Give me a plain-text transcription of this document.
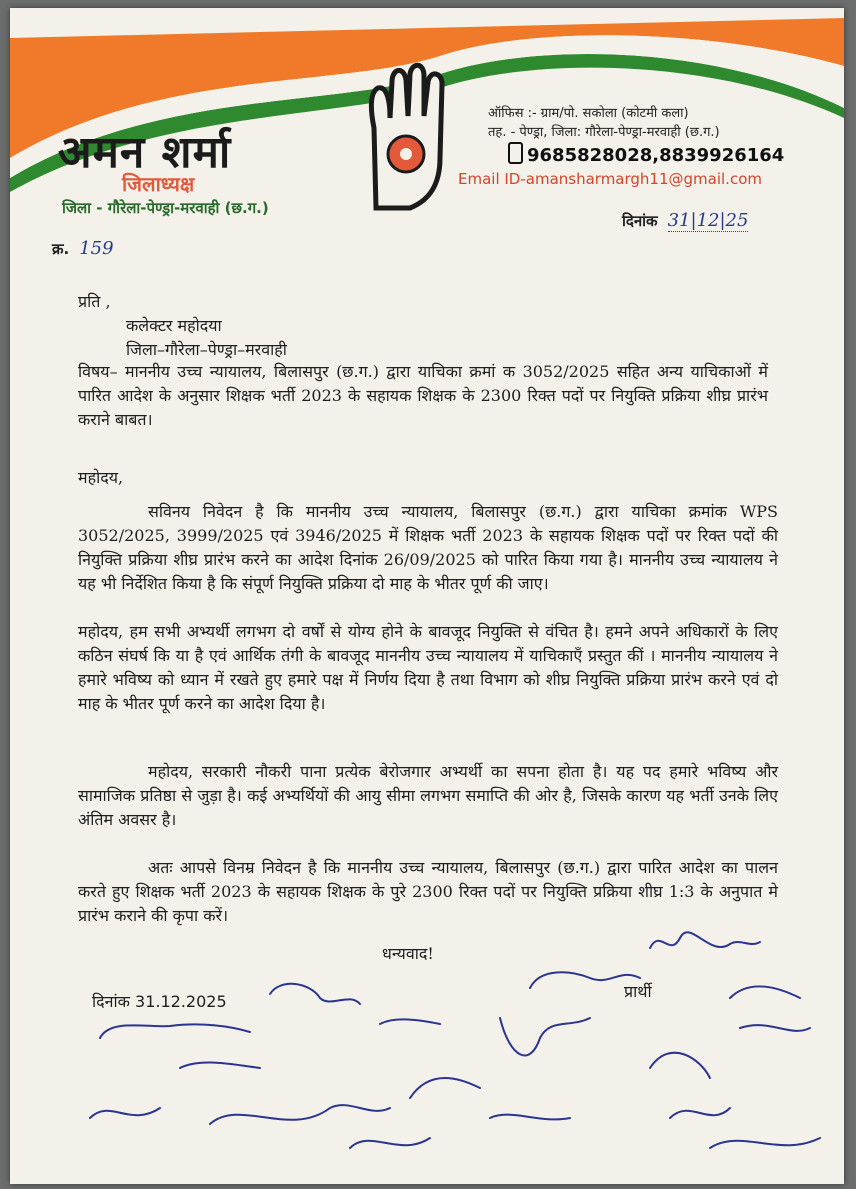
अमन शर्मा
जिलाध्यक्ष
जिला - गौरेला-पेण्ड्रा-मरवाही (छ.ग.)
ऑफिस :- ग्राम/पो. सकोला (कोटमी कला)
तह. - पेण्ड्रा, जिला: गौरेला-पेण्ड्रा-मरवाही (छ.ग.)
9685828028,8839926164
Email ID-amansharmargh11@gmail.com
दिनांक 31|12|25
क्र. 159
प्रति ,
कलेक्टर महोदया
जिला–गौरेला–पेण्ड्रा–मरवाही
विषय– माननीय उच्च न्यायालय, बिलासपुर (छ.ग.) द्वारा याचिका क्रमां क 3052/2025 सहित अन्य याचिकाओं में पारित आदेश के अनुसार शिक्षक भर्ती 2023 के सहायक शिक्षक के 2300 रिक्त पदों पर नियुक्ति प्रक्रिया शीघ्र प्रारंभ कराने बाबत।
महोदय,
सविनय निवेदन है कि माननीय उच्च न्यायालय, बिलासपुर (छ.ग.) द्वारा याचिका क्रमांक WPS 3052/2025, 3999/2025 एवं 3946/2025 में शिक्षक भर्ती 2023 के सहायक शिक्षक पदों पर रिक्त पदों की नियुक्ति प्रक्रिया शीघ्र प्रारंभ करने का आदेश दिनांक 26/09/2025 को पारित किया गया है। माननीय उच्च न्यायालय ने यह भी निर्देशित किया है कि संपूर्ण नियुक्ति प्रक्रिया दो माह के भीतर पूर्ण की जाए।
महोदय, हम सभी अभ्यर्थी लगभग दो वर्षों से योग्य होने के बावजूद नियुक्ति से वंचित है। हमने अपने अधिकारों के लिए कठिन संघर्ष कि या है एवं आर्थिक तंगी के बावजूद माननीय उच्च न्यायालय में याचिकाएँ प्रस्तुत कीं । माननीय न्यायालय ने हमारे भविष्य को ध्यान में रखते हुए हमारे पक्ष में निर्णय दिया है तथा विभाग को शीघ्र नियुक्ति प्रक्रिया प्रारंभ करने एवं दो माह के भीतर पूर्ण करने का आदेश दिया है।
महोदय, सरकारी नौकरी पाना प्रत्येक बेरोजगार अभ्यर्थी का सपना होता है। यह पद हमारे भविष्य और सामाजिक प्रतिष्ठा से जुड़ा है। कई अभ्यर्थियों की आयु सीमा लगभग समाप्ति की ओर है, जिसके कारण यह भर्ती उनके लिए अंतिम अवसर है।
अतः आपसे विनम्र निवेदन है कि माननीय उच्च न्यायालय, बिलासपुर (छ.ग.) द्वारा पारित आदेश का पालन करते हुए शिक्षक भर्ती 2023 के सहायक शिक्षक के पुरे 2300 रिक्त पदों पर नियुक्ति प्रक्रिया शीघ्र 1:3 के अनुपात मे प्रारंभ कराने की कृपा करें।
धन्यवाद!
दिनांक 31.12.2025
प्रार्थी
